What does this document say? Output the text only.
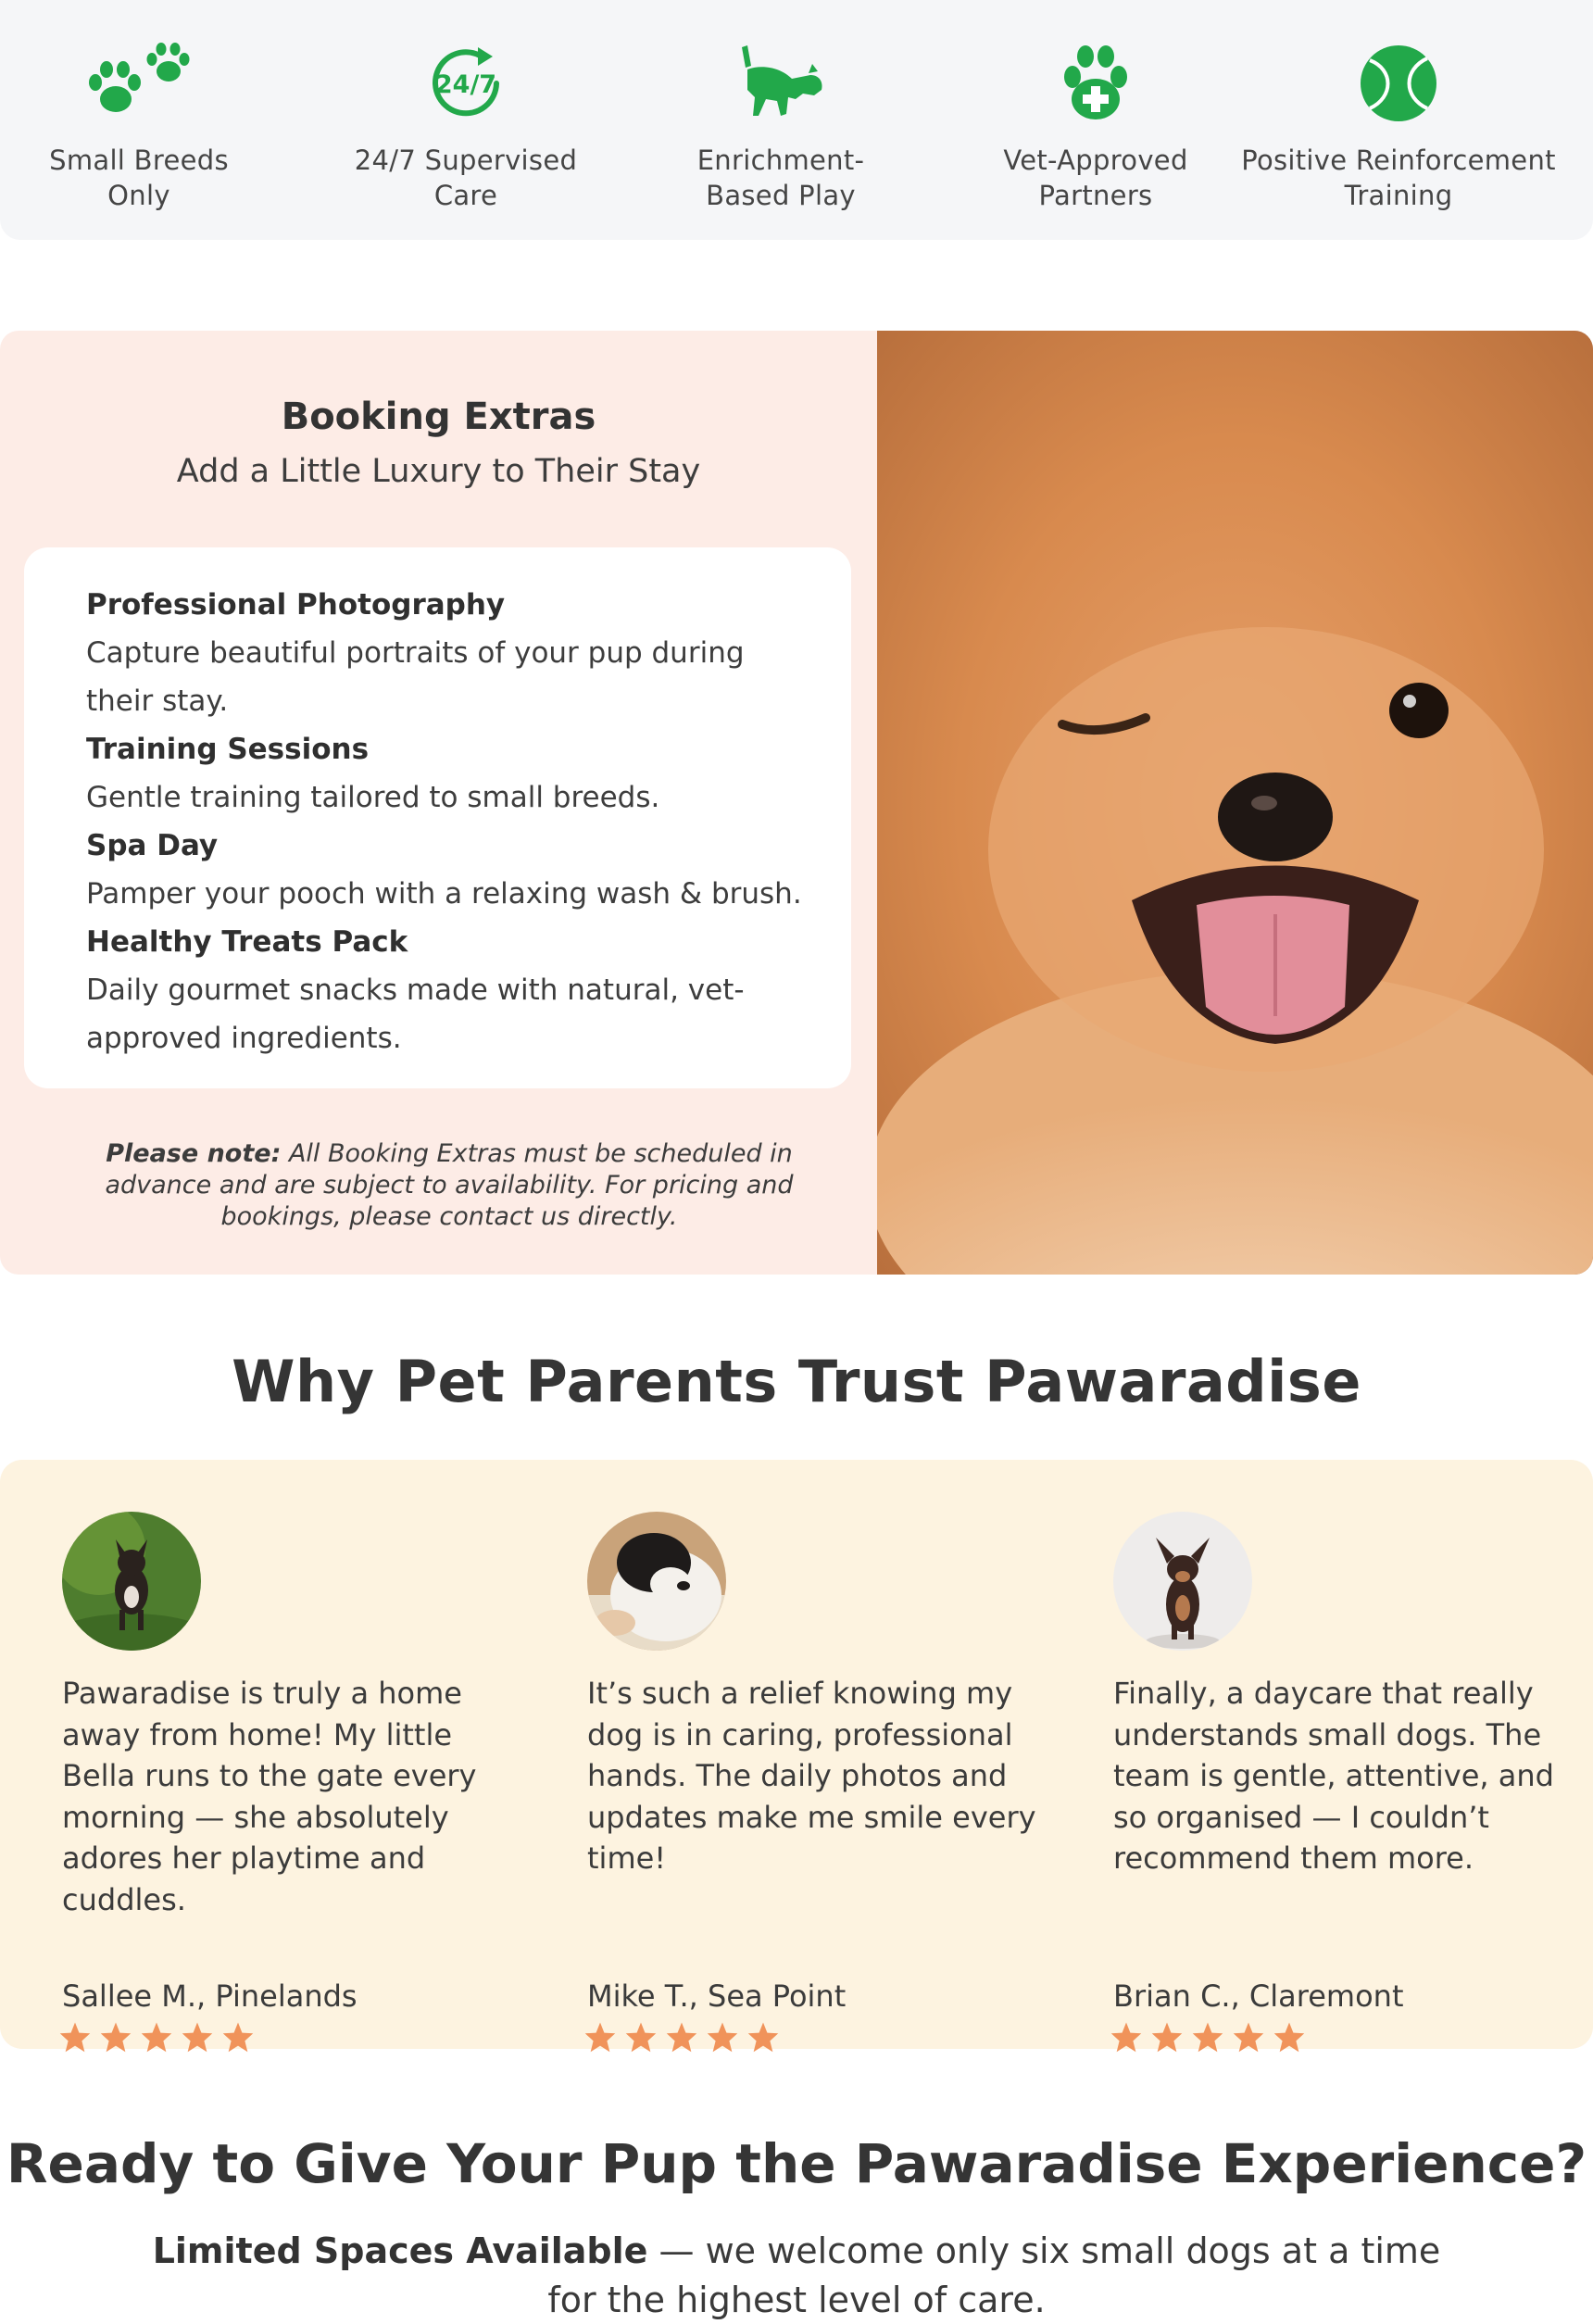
Small Breeds
Only
24/7
24/7 Supervised
Care
Enrichment-
Based Play
Vet-Approved
Partners
Positive Reinforcement
Training
Booking Extras
Add a Little Luxury to Their Stay
Professional Photography
Capture beautiful portraits of your pup during their stay.
Training Sessions
Gentle training tailored to small breeds.
Spa Day
Pamper your pooch with a relaxing wash & brush.
Healthy Treats Pack
Daily gourmet snacks made with natural, vet-approved ingredients.

Please note: All Booking Extras must be scheduled in advance and are subject to availability. For pricing and bookings, please contact us directly.

Why Pet Parents Trust Pawaradise

Pawaradise is truly a home away from home! My little Bella runs to the gate every morning — she absolutely adores her playtime and cuddles.

Sallee M., Pinelands

It’s such a relief knowing my dog is in caring, professional hands. The daily photos and updates make me smile every time!

Mike T., Sea Point

Finally, a daycare that really understands small dogs. The team is gentle, attentive, and so organised — I couldn’t recommend them more.

Brian C., Claremont
Ready to Give Your Pup the Pawaradise Experience?

Limited Spaces Available — we welcome only six small dogs at a time for the highest level of care.
